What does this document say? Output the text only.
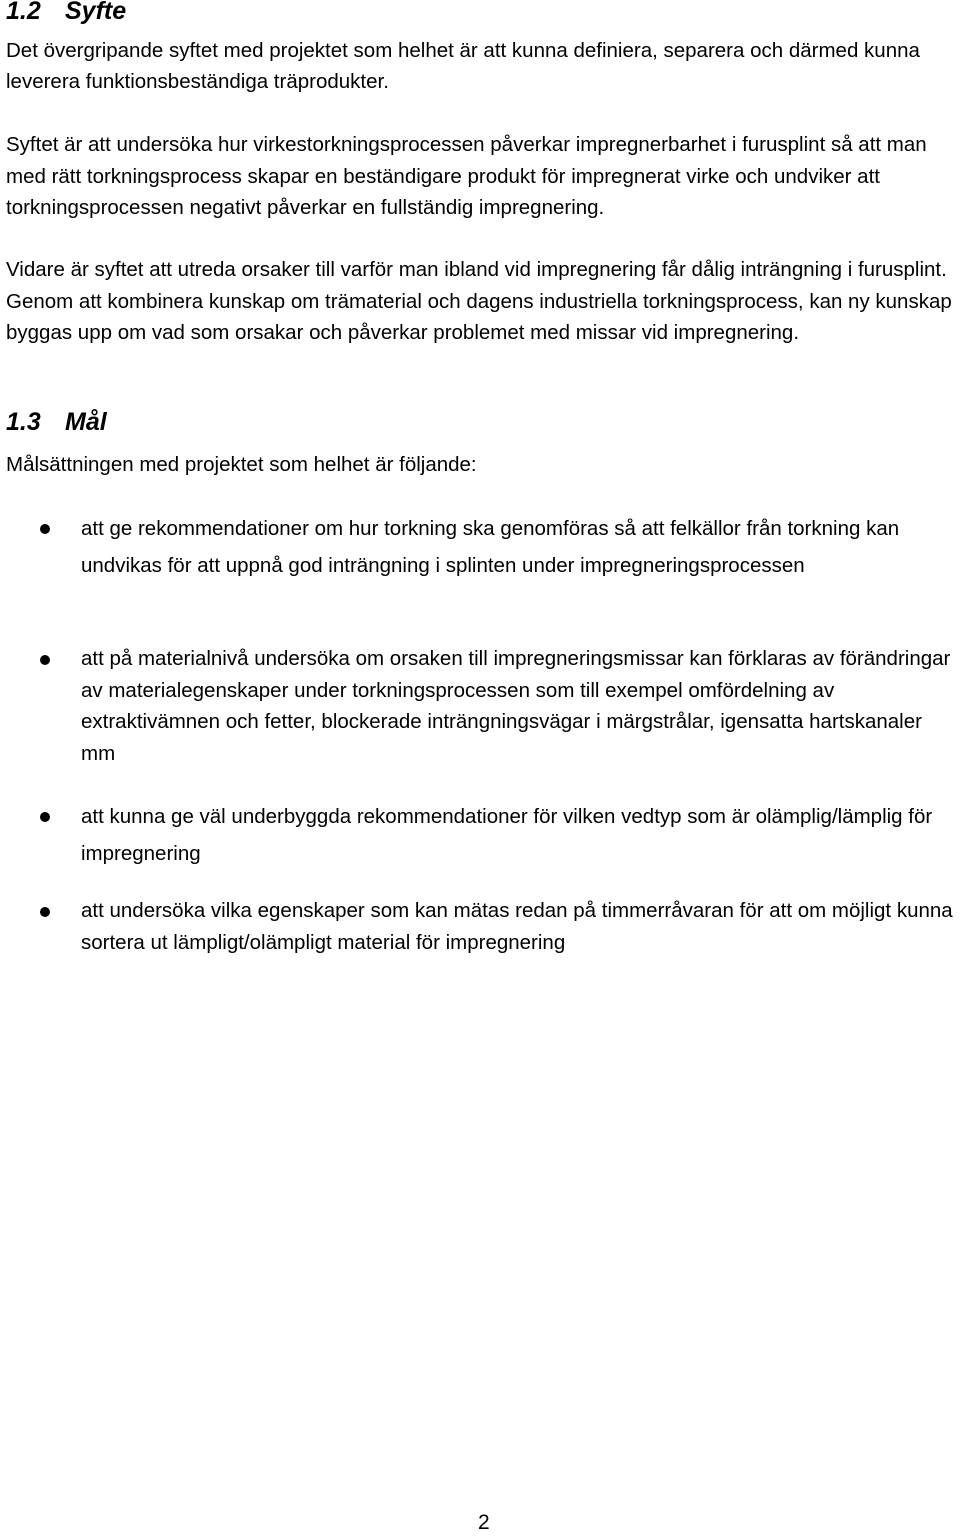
1.2 Syfte
Det övergripande syftet med projektet som helhet är att kunna definiera, separera och därmed kunna leverera funktionsbeständiga träprodukter.
Syftet är att undersöka hur virkestorkningsprocessen påverkar impregnerbarhet i furusplint så att man med rätt torkningsprocess skapar en beständigare produkt för impregnerat virke och undviker att torkningsprocessen negativt påverkar en fullständig impregnering.
Vidare är syftet att utreda orsaker till varför man ibland vid impregnering får dålig inträngning i furusplint. Genom att kombinera kunskap om trämaterial och dagens industriella torkningsprocess, kan ny kunskap byggas upp om vad som orsakar och påverkar problemet med missar vid impregnering.
1.3 Mål
Målsättningen med projektet som helhet är följande:
att ge rekommendationer om hur torkning ska genomföras så att felkällor från torkning kan undvikas för att uppnå god inträngning i splinten under impregneringsprocessen
att på materialnivå undersöka om orsaken till impregneringsmissar kan förklaras av förändringar av materialegenskaper under torkningsprocessen som till exempel omfördelning av extraktivämnen och fetter, blockerade inträngningsvägar i märgstrålar, igensatta hartskanaler mm
att kunna ge väl underbyggda rekommendationer för vilken vedtyp som är olämplig/lämplig för impregnering
att undersöka vilka egenskaper som kan mätas redan på timmerråvaran för att om möjligt kunna sortera ut lämpligt/olämpligt material för impregnering
2
